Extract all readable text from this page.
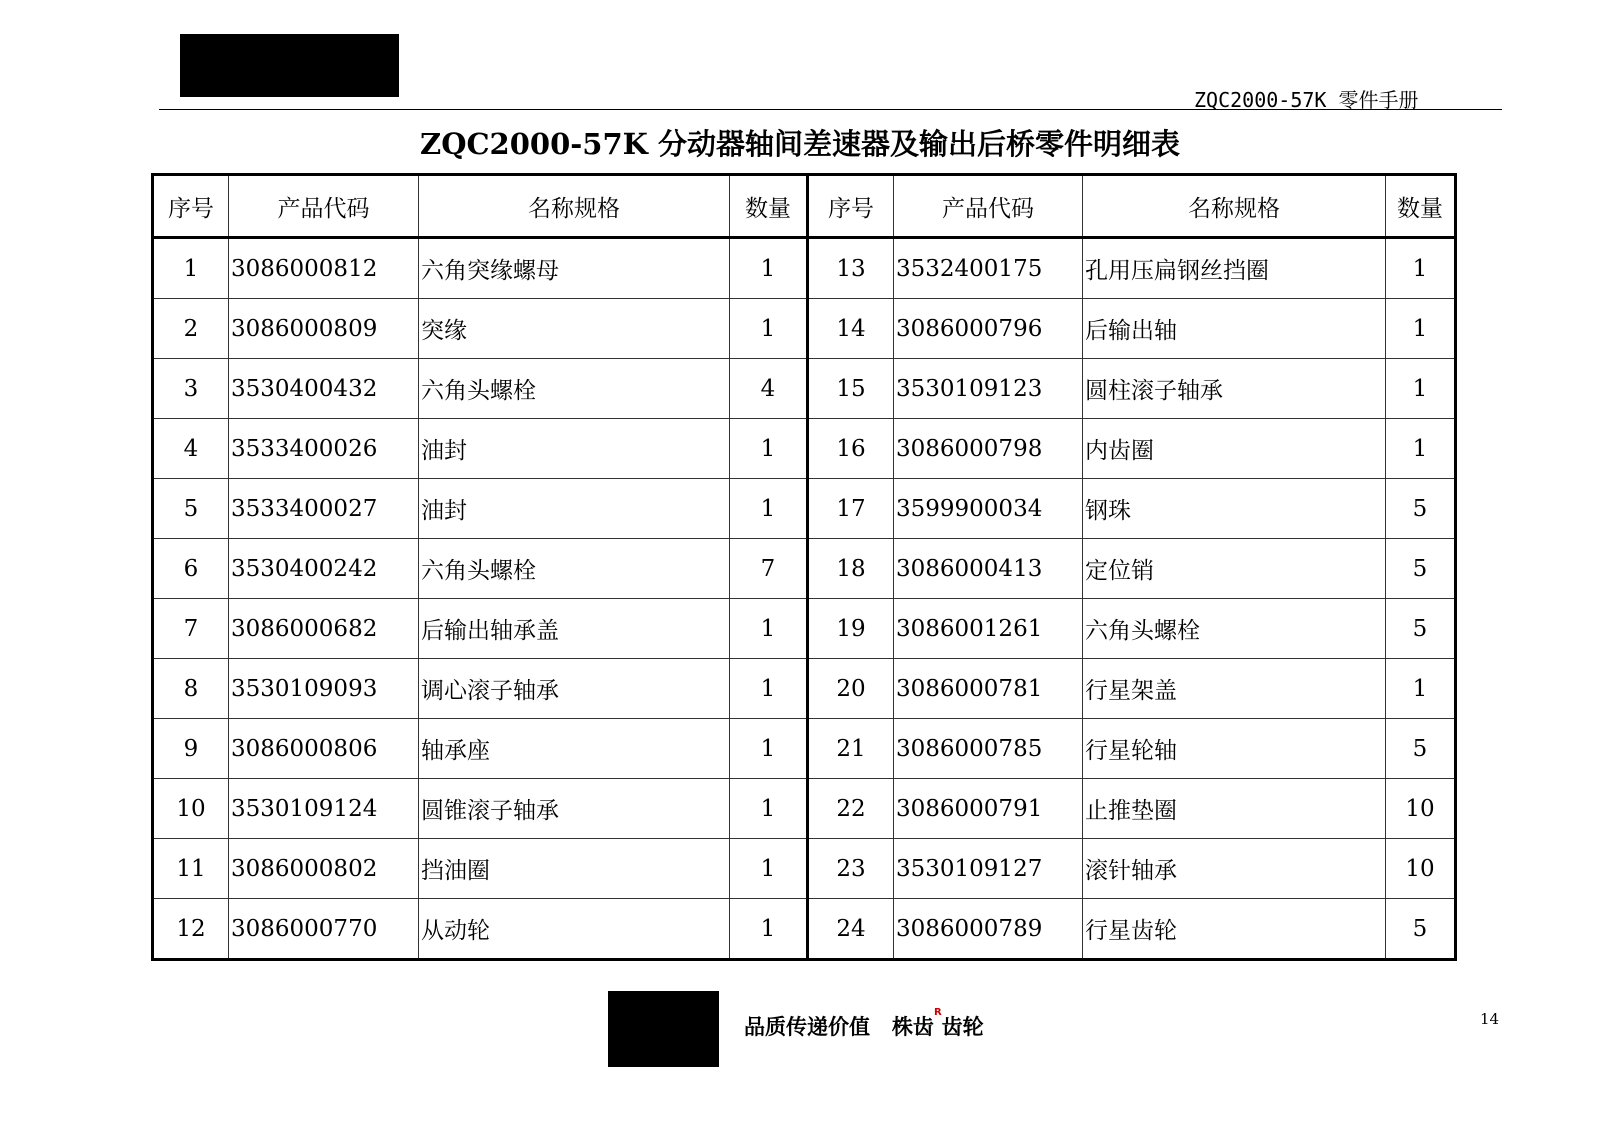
ZQC2000-57K 零件手册
ZQC2000-57K 分动器轴间差速器及输出后桥零件明细表
序号	产品代码	名称规格	数量	序号	产品代码	名称规格	数量
1	3086000812	六角突缘螺母	1	13	3532400175	孔用压扁钢丝挡圈	1
2	3086000809	突缘	1	14	3086000796	后输出轴	1
3	3530400432	六角头螺栓	4	15	3530109123	圆柱滚子轴承	1
4	3533400026	油封	1	16	3086000798	内齿圈	1
5	3533400027	油封	1	17	3599900034	钢珠	5
6	3530400242	六角头螺栓	7	18	3086000413	定位销	5
7	3086000682	后输出轴承盖	1	19	3086001261	六角头螺栓	5
8	3530109093	调心滚子轴承	1	20	3086000781	行星架盖	1
9	3086000806	轴承座	1	21	3086000785	行星轮轴	5
10	3530109124	圆锥滚子轴承	1	22	3086000791	止推垫圈	10
11	3086000802	挡油圈	1	23	3530109127	滚针轴承	10
12	3086000770	从动轮	1	24	3086000789	行星齿轮	5
品质传递价值   株齿$^R$齿轮	14
